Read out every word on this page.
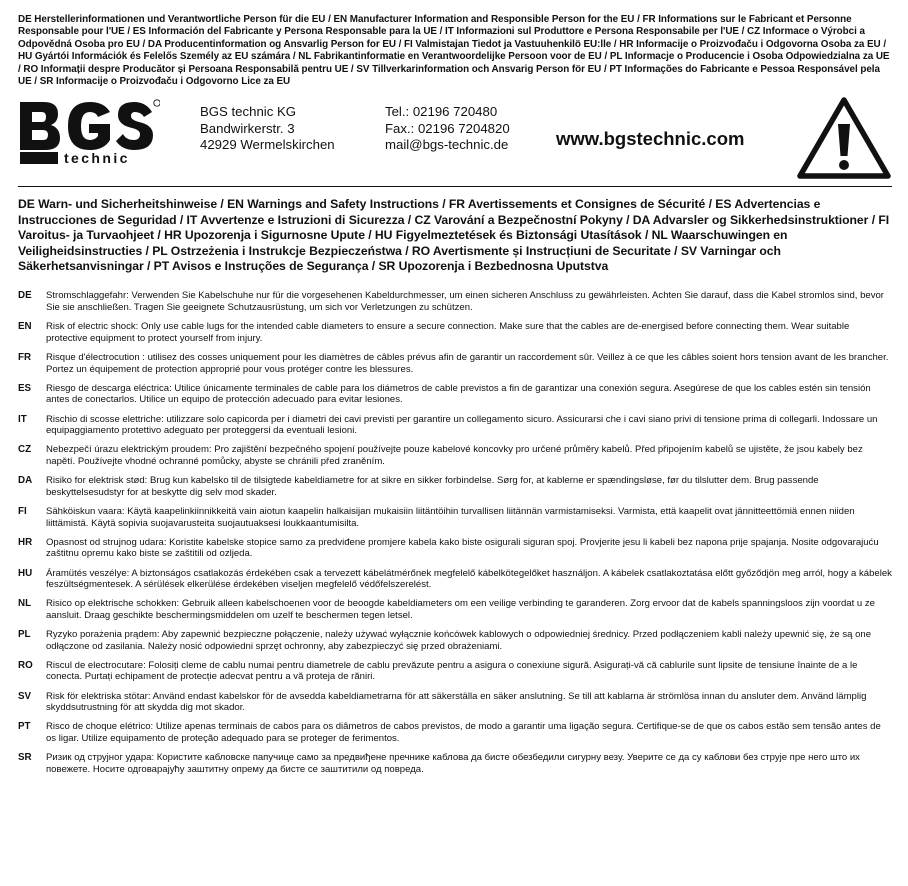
DE Herstellerinformationen und Verantwortliche Person für die EU / EN Manufacturer Information and Responsible Person for the EU / FR Informations sur le Fabricant et Personne Responsable pour l'UE / ES Información del Fabricante y Persona Responsable para la UE / IT Informazioni sul Produttore e Persona Responsabile per l'UE / CZ Informace o Výrobci a Odpovědná Osoba pro EU / DA Producentinformation og Ansvarlig Person for EU / FI Valmistajan Tiedot ja Vastuuhenkilö EU:lle / HR Informacije o Proizvođaču i Odgovorna Osoba za EU / HU Gyártói Információk és Felelős Személy az EU számára / NL Fabrikantinformatie en Verantwoordelijke Persoon voor de EU / PL Informacje o Producencie i Osoba Odpowiedzialna za UE / RO Informații despre Producător și Persoana Responsabilă pentru UE / SV Tillverkarinformation och Ansvarig Person för EU / PT Informações do Fabricante e Pessoa Responsável pela UE / SR Informacije o Proizvođaču i Odgovorno Lice za EU

technic
BGS technic KG
Bandwirkerstr. 3
42929 Wermelskirchen
Tel.: 02196 720480
Fax.: 02196 7204820
mail@bgs-technic.de	www.bgstechnic.com

DE Warn- und Sicherheitshinweise / EN Warnings and Safety Instructions / FR Avertissements et Consignes de Sécurité / ES Advertencias e Instrucciones de Seguridad / IT Avvertenze e Istruzioni di Sicurezza / CZ Varování a Bezpečnostní Pokyny / DA Advarsler og Sikkerhedsinstruktioner / FI Varoitus- ja Turvaohjeet / HR Upozorenja i Sigurnosne Upute / HU Figyelmeztetések és Biztonsági Utasítások / NL Waarschuwingen en Veiligheidsinstructies / PL Ostrzeżenia i Instrukcje Bezpieczeństwa / RO Avertismente și Instrucțiuni de Securitate / SV Varningar och Säkerhetsanvisningar / PT Avisos e Instruções de Segurança / SR Upozorenja i Bezbednosna Uputstva

DE	Stromschlaggefahr: Verwenden Sie Kabelschuhe nur für die vorgesehenen Kabeldurchmesser, um einen sicheren Anschluss zu gewährleisten. Achten Sie darauf, dass die Kabel stromlos sind, bevor Sie sie anschließen. Tragen Sie geeignete Schutzausrüstung, um sich vor Verletzungen zu schützen.
EN	Risk of electric shock: Only use cable lugs for the intended cable diameters to ensure a secure connection. Make sure that the cables are de-energised before connecting them. Wear suitable protective equipment to protect yourself from injury.
FR	Risque d'électrocution : utilisez des cosses uniquement pour les diamètres de câbles prévus afin de garantir un raccordement sûr. Veillez à ce que les câbles soient hors tension avant de les brancher. Portez un équipement de protection approprié pour vous protéger contre les blessures.
ES	Riesgo de descarga eléctrica: Utilice únicamente terminales de cable para los diámetros de cable previstos a fin de garantizar una conexión segura. Asegúrese de que los cables estén sin tensión antes de conectarlos. Utilice un equipo de protección adecuado para evitar lesiones.
IT	Rischio di scosse elettriche: utilizzare solo capicorda per i diametri dei cavi previsti per garantire un collegamento sicuro. Assicurarsi che i cavi siano privi di tensione prima di collegarli. Indossare un equipaggiamento protettivo adeguato per proteggersi da eventuali lesioni.
CZ	Nebezpečí úrazu elektrickým proudem: Pro zajištění bezpečného spojení používejte pouze kabelové koncovky pro určené průměry kabelů. Před připojením kabelů se ujistěte, že jsou kabely bez napětí. Používejte vhodné ochranné pomůcky, abyste se chránili před zraněním.
DA	Risiko for elektrisk stød: Brug kun kabelsko til de tilsigtede kabeldiametre for at sikre en sikker forbindelse. Sørg for, at kablerne er spændingsløse, før du tilslutter dem. Brug passende beskyttelsesudstyr for at beskytte dig selv mod skader.
FI	Sähköiskun vaara: Käytä kaapelinkiinnikkeitä vain aiotun kaapelin halkaisijan mukaisiin liitäntöihin turvallisen liitännän varmistamiseksi. Varmista, että kaapelit ovat jännitteettömiä ennen niiden liittämistä. Käytä sopivia suojavarusteita suojautuaksesi loukkaantumisilta.
HR	Opasnost od strujnog udara: Koristite kabelske stopice samo za predviđene promjere kabela kako biste osigurali siguran spoj. Provjerite jesu li kabeli bez napona prije spajanja. Nosite odgovarajuću zaštitnu opremu kako biste se zaštitili od ozljeda.
HU	Áramütés veszélye: A biztonságos csatlakozás érdekében csak a tervezett kábelátmérőnek megfelelő kábelkötegelőket használjon. A kábelek csatlakoztatása előtt győződjön meg arról, hogy a kábelek feszültségmentesek. A sérülések elkerülése érdekében viseljen megfelelő védőfelszerelést.
NL	Risico op elektrische schokken: Gebruik alleen kabelschoenen voor de beoogde kabeldiameters om een veilige verbinding te garanderen. Zorg ervoor dat de kabels spanningsloos zijn voordat u ze aansluit. Draag geschikte beschermingsmiddelen om uzelf te beschermen tegen letsel.
PL	Ryzyko porażenia prądem: Aby zapewnić bezpieczne połączenie, należy używać wyłącznie końcówek kablowych o odpowiedniej średnicy. Przed podłączeniem kabli należy upewnić się, że są one odłączone od zasilania. Należy nosić odpowiedni sprzęt ochronny, aby zabezpieczyć się przed obrażeniami.
RO	Riscul de electrocutare: Folosiți cleme de cablu numai pentru diametrele de cablu prevăzute pentru a asigura o conexiune sigură. Asigurați-vă că cablurile sunt lipsite de tensiune înainte de a le conecta. Purtați echipament de protecție adecvat pentru a vă proteja de răniri.
SV	Risk för elektriska stötar: Använd endast kabelskor för de avsedda kabeldiametrarna för att säkerställa en säker anslutning. Se till att kablarna är strömlösa innan du ansluter dem. Använd lämplig skyddsutrustning för att skydda dig mot skador.
PT	Risco de choque elétrico: Utilize apenas terminais de cabos para os diâmetros de cabos previstos, de modo a garantir uma ligação segura. Certifique-se de que os cabos estão sem tensão antes de os ligar. Utilize equipamento de proteção adequado para se proteger de ferimentos.
SR	Ризик од струјног удара: Користите кабловске папучице само за предвиђене пречнике каблова да бисте обезбедили сигурну везу. Уверите се да су каблови без струје пре него што их повежете. Носите одговарајућу заштитну опрему да бисте се заштитили од повреда.
